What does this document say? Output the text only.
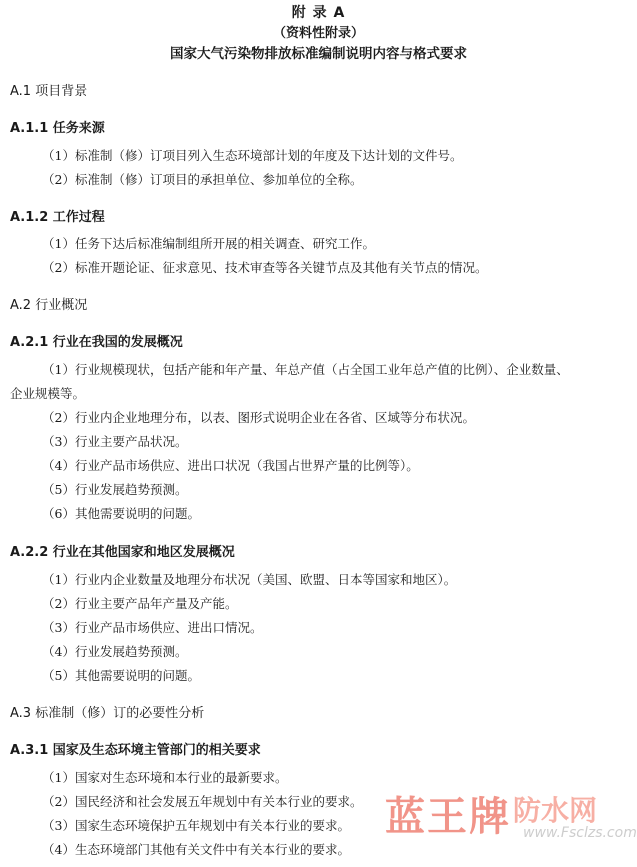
附 录 A
（资料性附录）
国家大气污染物排放标准编制说明内容与格式要求
A.1 项目背景
A.1.1 任务来源
（1）标准制（修）订项目列入生态环境部计划的年度及下达计划的文件号。
（2）标准制（修）订项目的承担单位、参加单位的全称。
A.1.2 工作过程
（1）任务下达后标准编制组所开展的相关调查、研究工作。
（2）标准开题论证、征求意见、技术审查等各关键节点及其他有关节点的情况。
A.2 行业概况
A.2.1 行业在我国的发展概况
（1）行业规模现状，包括产能和年产量、年总产值（占全国工业年总产值的比例）、企业数量、
企业规模等。
（2）行业内企业地理分布，以表、图形式说明企业在各省、区域等分布状况。
（3）行业主要产品状况。
（4）行业产品市场供应、进出口状况（我国占世界产量的比例等）。
（5）行业发展趋势预测。
（6）其他需要说明的问题。
A.2.2 行业在其他国家和地区发展概况
（1）行业内企业数量及地理分布状况（美国、欧盟、日本等国家和地区）。
（2）行业主要产品年产量及产能。
（3）行业产品市场供应、进出口情况。
（4）行业发展趋势预测。
（5）其他需要说明的问题。
A.3 标准制（修）订的必要性分析
A.3.1 国家及生态环境主管部门的相关要求
（1）国家对生态环境和本行业的最新要求。
（2）国民经济和社会发展五年规划中有关本行业的要求。
（3）国家生态环境保护五年规划中有关本行业的要求。
（4）生态环境部门其他有关文件中有关本行业的要求。
蓝王牌 防水网
www.Fsclzs.com
